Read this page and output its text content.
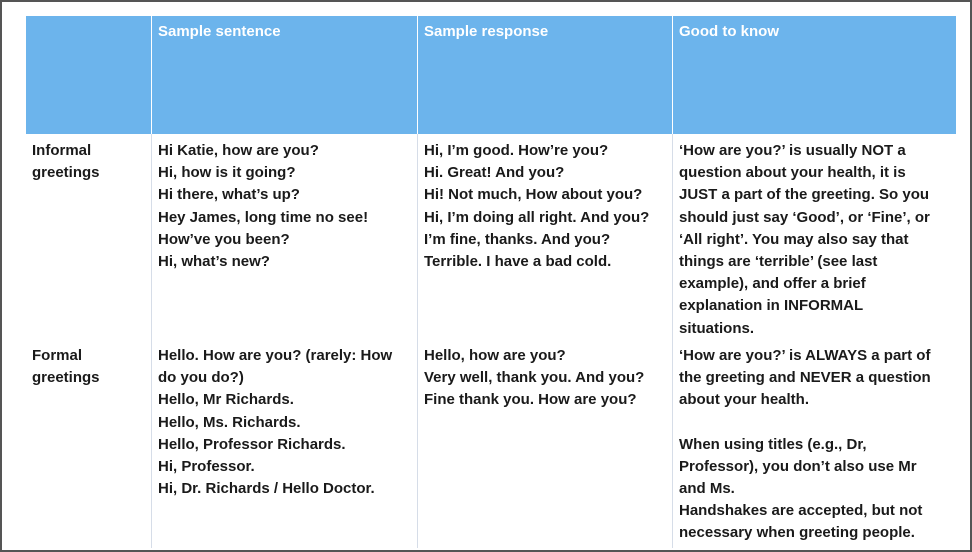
Sample sentence	Sample response	Good to know
Informal
greetings
Hi Katie, how are you?
Hi, how is it going?
Hi there, what’s up?
Hey James, long time no see!
How’ve you been?
Hi, what’s new?
Hi, I’m good. How’re you?
Hi. Great! And you?
Hi! Not much, How about you?
Hi, I’m doing all right. And you?
I’m fine, thanks. And you?
Terrible. I have a bad cold.
‘How are you?’ is usually NOT a
question about your health, it is
JUST a part of the greeting. So you
should just say ‘Good’, or ‘Fine’, or
‘All right’. You may also say that
things are ‘terrible’ (see last
example), and offer a brief
explanation in INFORMAL
situations.
Formal
greetings
Hello. How are you? (rarely: How
do you do?)
Hello, Mr Richards.
Hello, Ms. Richards.
Hello, Professor Richards.
Hi, Professor.
Hi, Dr. Richards / Hello Doctor.
Hello, how are you?
Very well, thank you. And you?
Fine thank you. How are you?
‘How are you?’ is ALWAYS a part of
the greeting and NEVER a question
about your health.
When using titles (e.g., Dr,
Professor), you don’t also use Mr
and Ms.
Handshakes are accepted, but not
necessary when greeting people.
